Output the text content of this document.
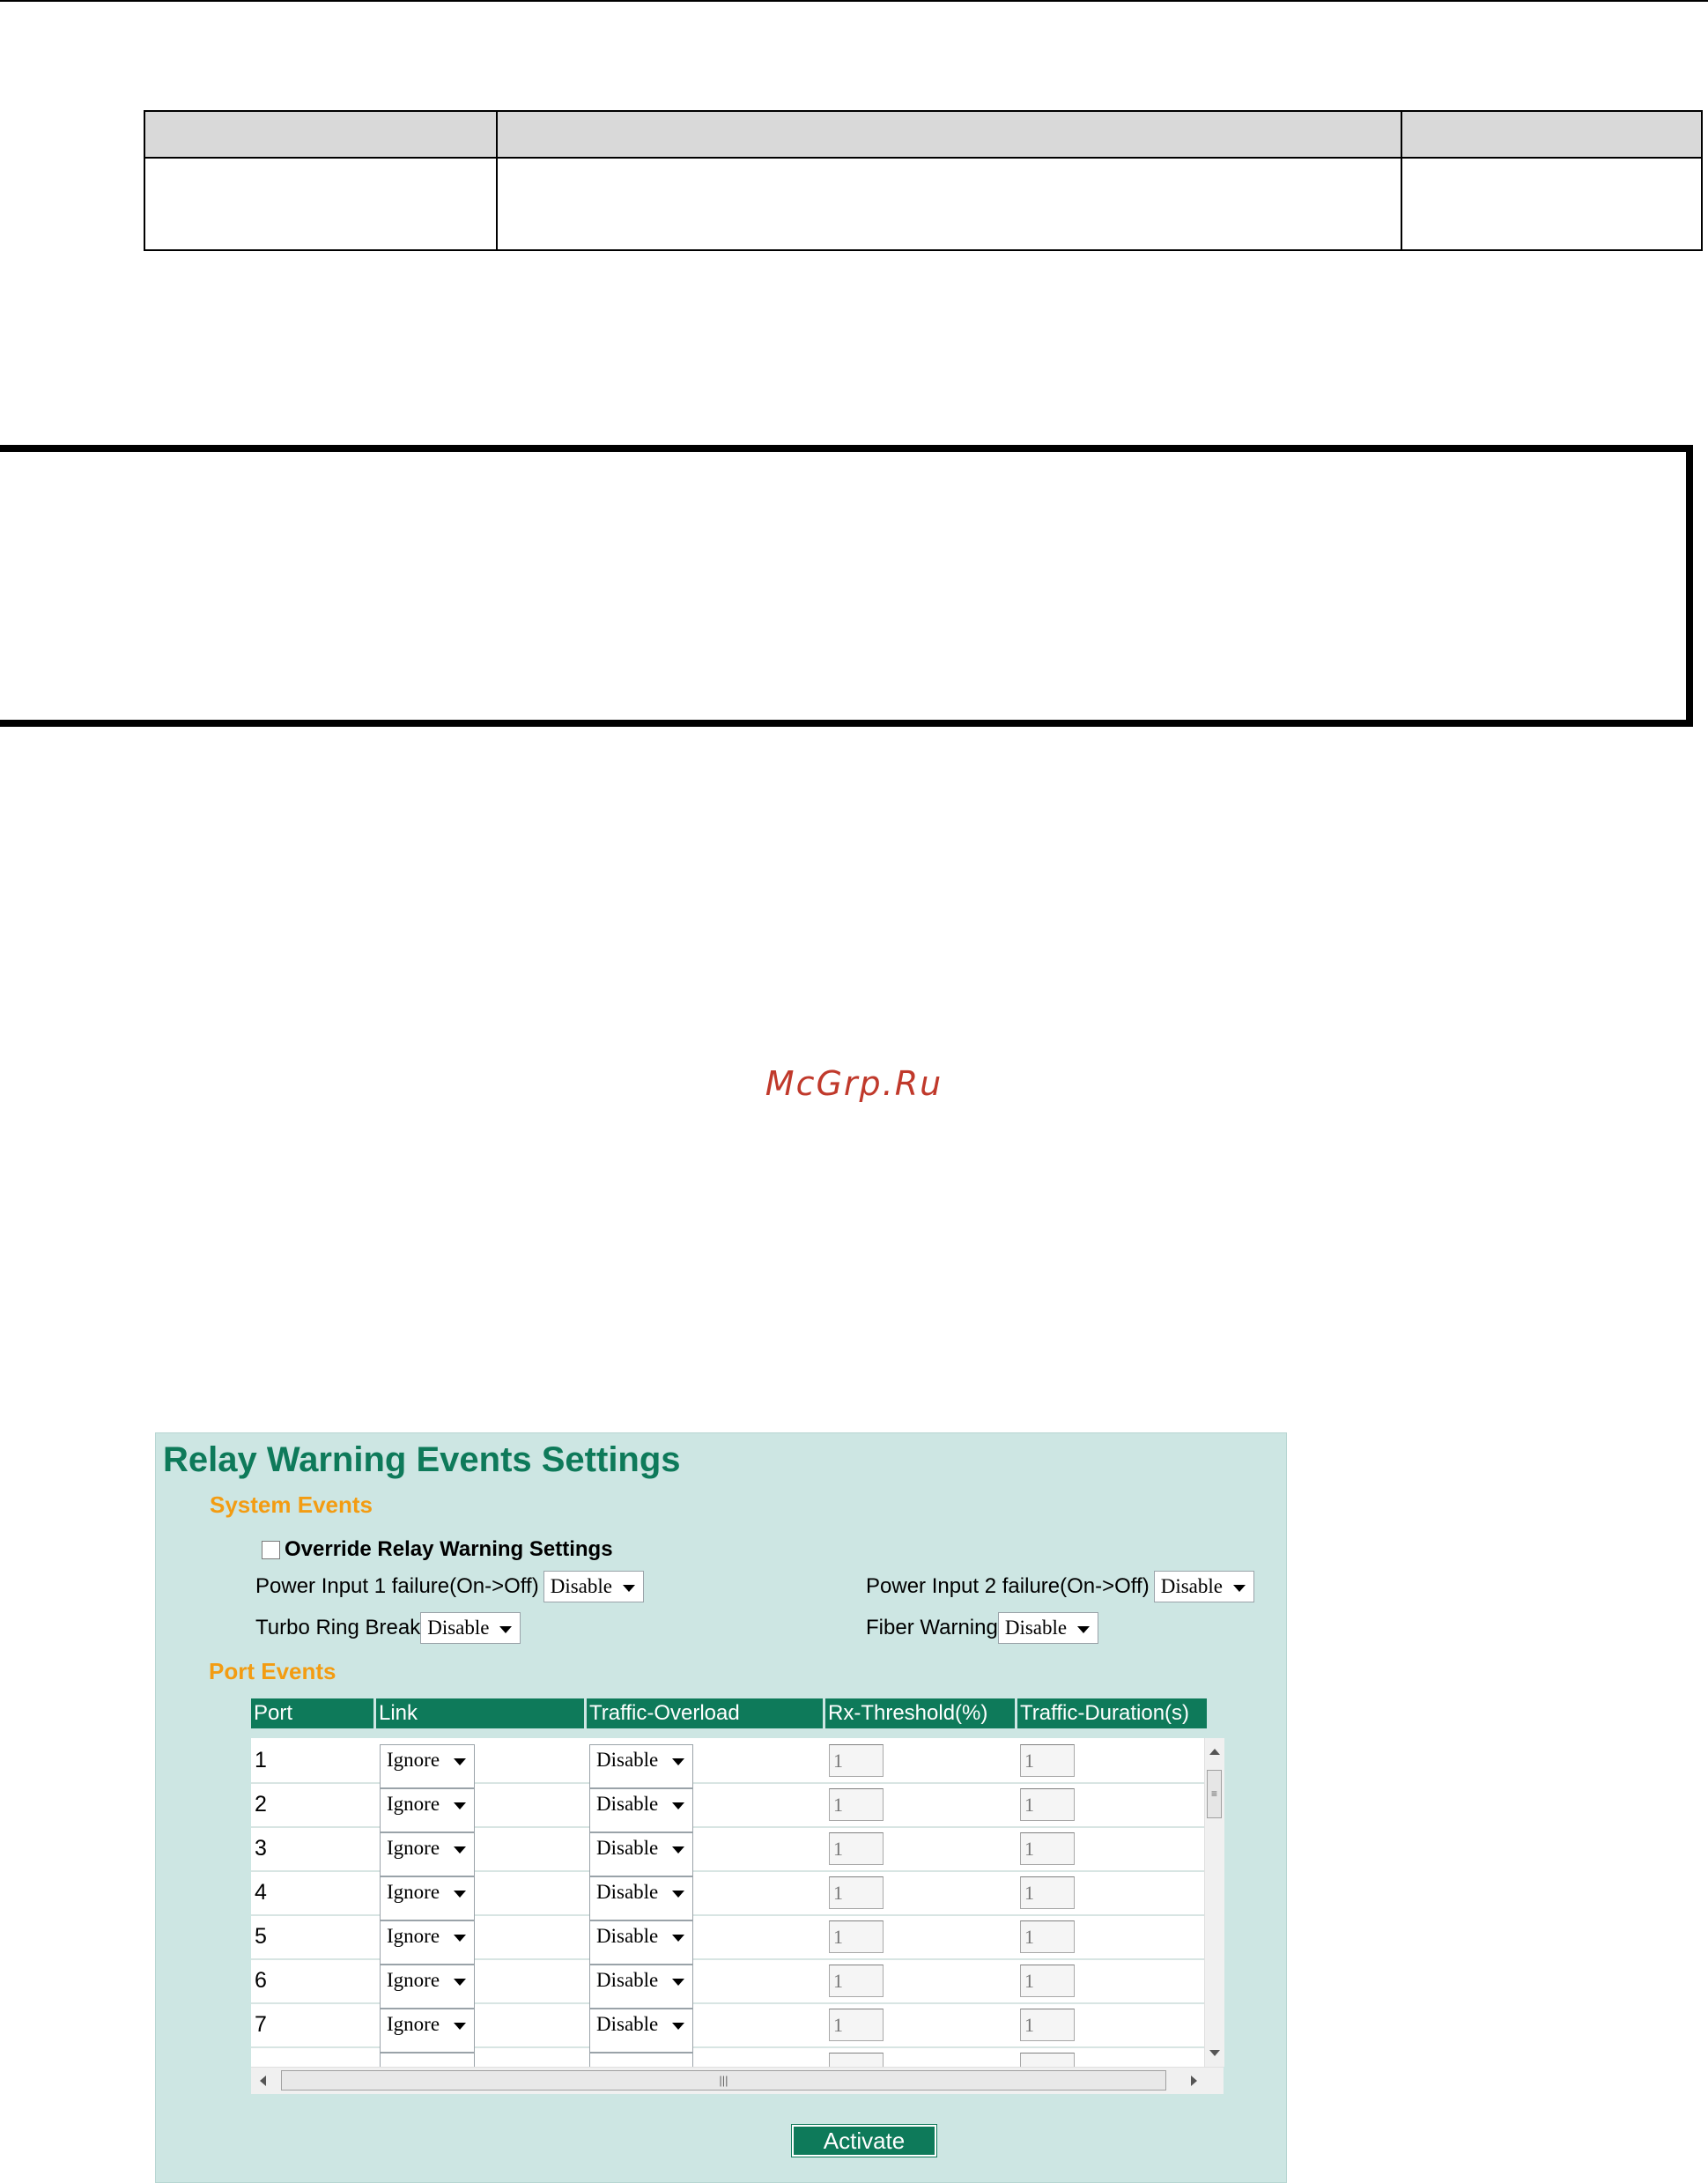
McGrp.Ru
Relay Warning Events Settings
System Events
Override Relay Warning Settings
Power Input 1 failure(On->Off) Disable	Power Input 2 failure(On->Off) Disable
Turbo Ring Break Disable	Fiber Warning Disable
Port Events
Port	Link	Traffic-Overload	Rx-Threshold(%)	Traffic-Duration(s)
1	Ignore	Disable	1	1
2	Ignore	Disable	1	1
3	Ignore	Disable	1	1
4	Ignore	Disable	1	1
5	Ignore	Disable	1	1
6	Ignore	Disable	1	1
7	Ignore	Disable	1	1
≡
|||
Activate
